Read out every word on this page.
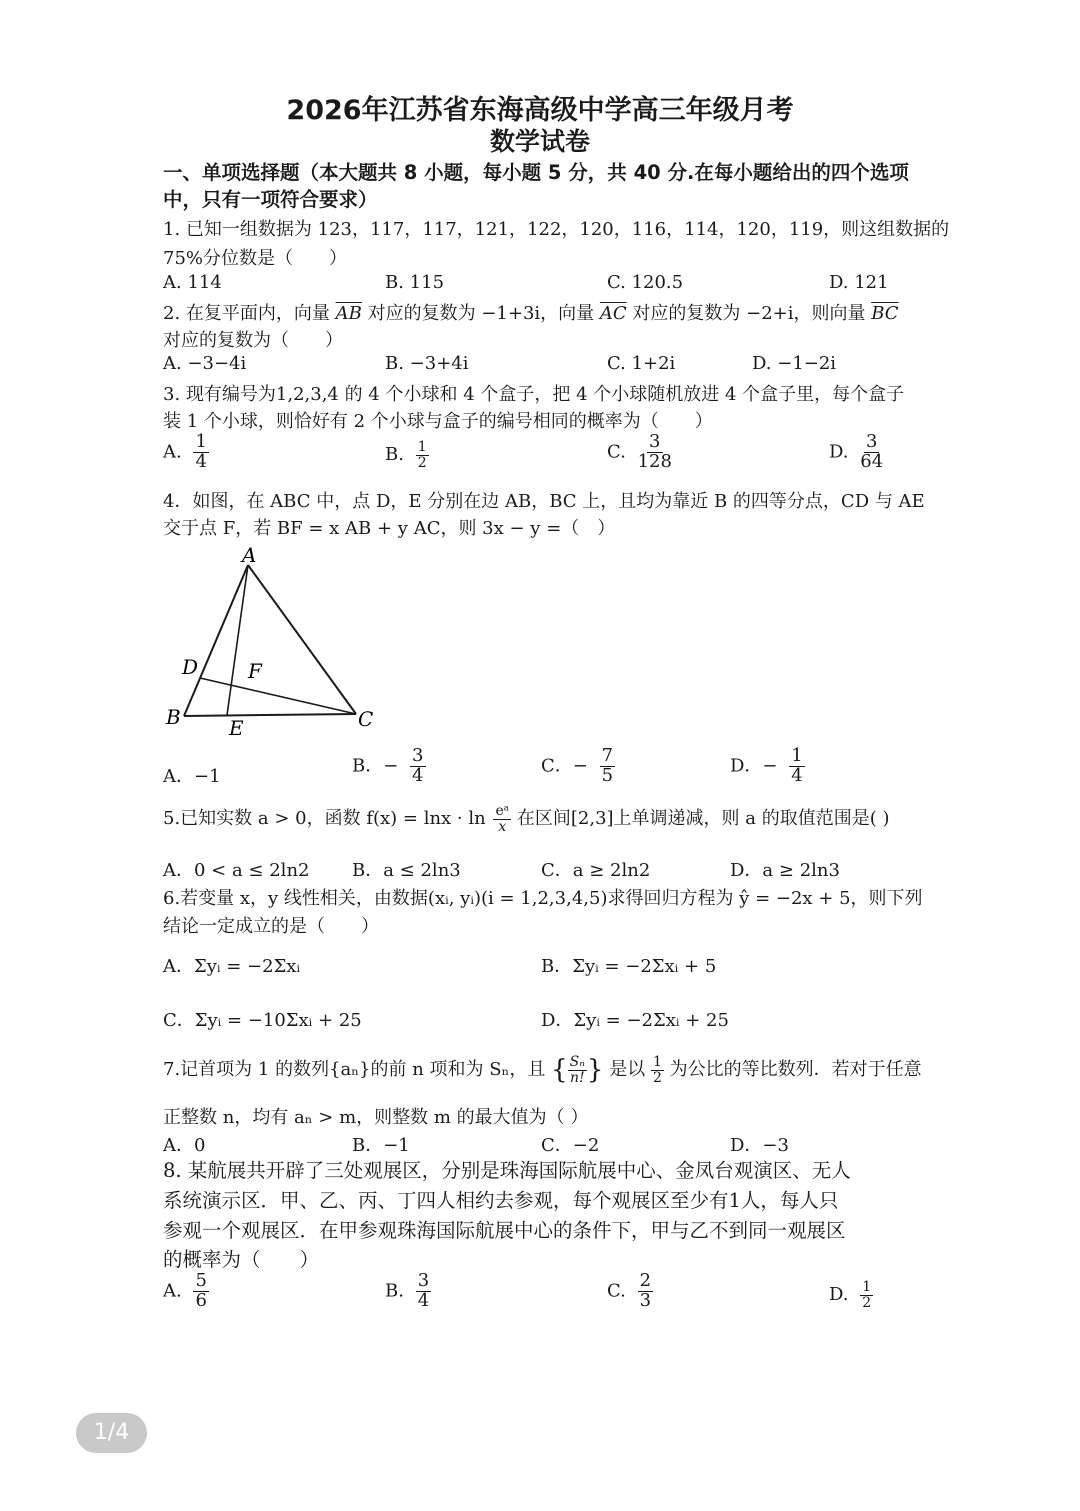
2026年江苏省东海高级中学高三年级月考
数学试卷
一、单项选择题（本大题共 8 小题，每小题 5 分，共 40 分.在每小题给出的四个选项中，只有一项符合要求）
1. 已知一组数据为 123，117，117，121，122，120，116，114，120，119，则这组数据的
75%分位数是（　　）
A. 114	B. 115	C. 120.5	D. 121
2. 在复平面内，向量 $\overline{AB}$ 对应的复数为 −1+3i，向量 $\overline{AC}$ 对应的复数为 −2+i，则向量 $\overline{BC}$
对应的复数为（　　）
A. −3−4i	B. −3+4i	C. 1+2i	D. −1−2i
3. 现有编号为1,2,3,4 的 4 个小球和 4 个盒子，把 4 个小球随机放进 4 个盒子里，每个盒子
装 1 个小球，则恰好有 2 个小球与盒子的编号相同的概率为（　　）
A. $\frac{1}{4}$	B. $\frac{1}{2}$	C. $\frac{3}{128}$	D. $\frac{3}{64}$
4．如图，在 ABC 中，点 D，E 分别在边 AB，BC 上，且均为靠近 B 的四等分点，CD 与 AE
交于点 F，若 BF = x AB + y AC，则 3x − y =（　）
A
B	C
D
E
F
A．−1
B．− $\frac{3}{4}$	C．− $\frac{7}{5}$	D．− $\frac{1}{4}$
5.已知实数 a > 0，函数 $f(x) = \ln x \cdot \ln \frac{\text{eᵃ}}{x}$ 在区间[2,3]上单调递减，则 a 的取值范围是( )
A．0 < a ≤ 2ln2 B．a ≤ 2ln3	C．a ≥ 2ln2	D．a ≥ 2ln3
6.若变量 x，y 线性相关，由数据(xᵢ, yᵢ)(i = 1,2,3,4,5)求得回归方程为 ŷ = −2x + 5，则下列
结论一定成立的是（　　）
A．Σyᵢ = −2Σxᵢ	B．Σyᵢ = −2Σxᵢ + 5
C．Σyᵢ = −10Σxᵢ + 25	D．Σyᵢ = −2Σxᵢ + 25
7.记首项为 1 的数列{aₙ}的前 n 项和为 Sₙ，且 { $\frac{\text{Sₙ}}{n!}$ } 是以 $\frac{1}{2}$ 为公比的等比数列．若对于任意
正整数 n，均有 aₙ > m，则整数 m 的最大值为（ ）
A．0	B．−1	C．−2	D．−3
8. 某航展共开辟了三处观展区，分别是珠海国际航展中心、金凤台观演区、无人
系统演示区．甲、乙、丙、丁四人相约去参观，每个观展区至少有1人，每人只
参观一个观展区．在甲参观珠海国际航展中心的条件下，甲与乙不到同一观展区
的概率为（　　）
A. $\frac{5}{6}$	B. $\frac{3}{4}$	C. $\frac{2}{3}$	D. $\frac{1}{2}$
1/4
